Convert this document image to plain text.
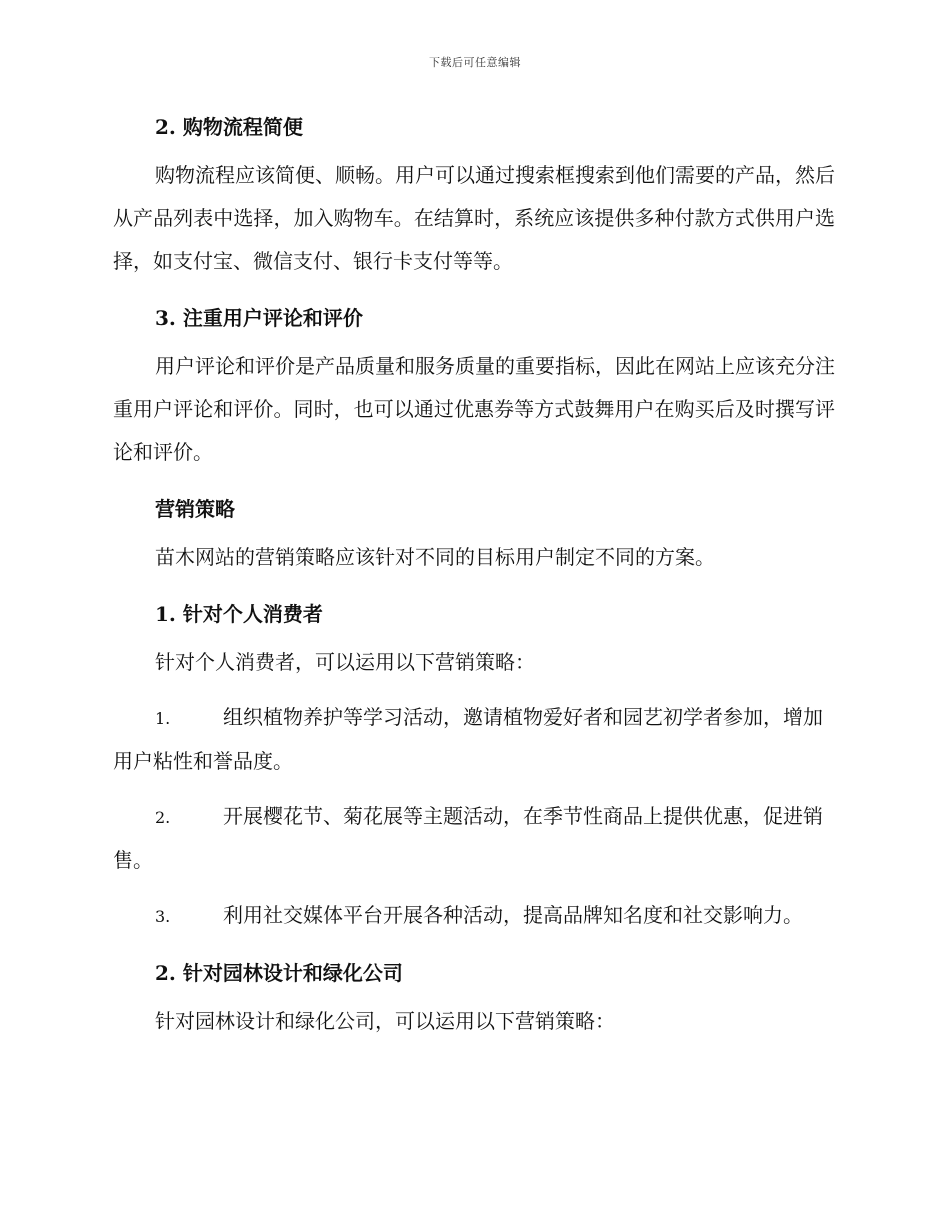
下载后可任意编辑

2. 购物流程简便

购物流程应该简便、顺畅。用户可以通过搜索框搜索到他们需要的产品，然后从产品列表中选择，加入购物车。在结算时，系统应该提供多种付款方式供用户选择，如支付宝、微信支付、银行卡支付等等。

3. 注重用户评论和评价

用户评论和评价是产品质量和服务质量的重要指标，因此在网站上应该充分注重用户评论和评价。同时，也可以通过优惠券等方式鼓舞用户在购买后及时撰写评论和评价。

营销策略

苗木网站的营销策略应该针对不同的目标用户制定不同的方案。

1. 针对个人消费者

针对个人消费者，可以运用以下营销策略：

1.	组织植物养护等学习活动，邀请植物爱好者和园艺初学者参加，增加用户粘性和誉品度。

2.	开展樱花节、菊花展等主题活动，在季节性商品上提供优惠，促进销售。

3.	利用社交媒体平台开展各种活动，提高品牌知名度和社交影响力。

2. 针对园林设计和绿化公司

针对园林设计和绿化公司，可以运用以下营销策略：
